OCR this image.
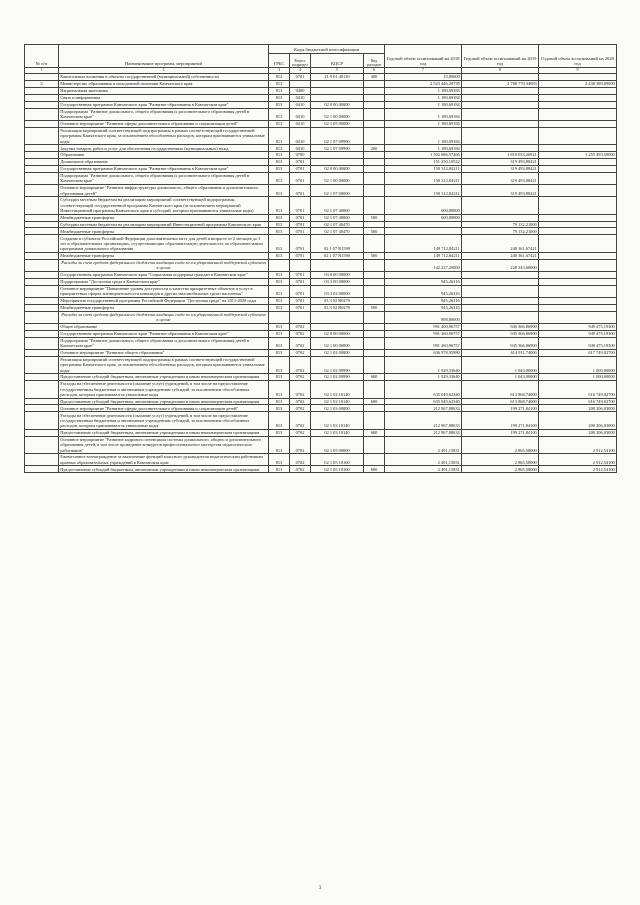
№ п/п	Наименование программ, мероприятий	Коды бюджетной классификации				Годовой объем ассигнований на 2018 год	Годовой объем ассигнований на 2019 год	Годовой объем ассигнований на 2020 год
		ГРБС	Раздел, подраздел	КЦСР	Вид расходов			
1	2	3	4	5	6	7	8	9
	Капитальные вложения в объекты государственной (муниципальной) собственности	812	0701	21 9 01 40130	400	15,00000		
3	Министерство образования и молодежной политики Камчатского края	813				2 523 446,20739	2 788 770,34083	2 438 389,09000
	Национальная экономика	813	0400			1 180,69184		
	Связь и информатика	813	0410			1 180,69184		
	Государственная программа Камчатского края "Развитие образования в Камчатском крае"	813	0410	02 0 00 00000		1 180,69184		
	Подпрограмма "Развитие дошкольного, общего образования и дополнительного образования детей в Камчатском крае"	813	0410	02 1 00 00000		1 180,69184		
	Основное мероприятие "Развитие сферы дополнительного образования и социализации детей"	813	0410	02 1 05 00000		1 180,69184		
	Реализация мероприятий соответствующей подпрограммы в рамках соответствующей государственной программы Камчатского края, за исключением обособленных расходов, которым присваиваются уникальные коды	813	0410	02 1 07 09990		1 180,69184		
	Закупка товаров, работ и услуг для обеспечения государственных (муниципальных) нужд	813	0410	02 1 07 09990	200	1 180,69184		
	Образование	813	0700			1 502 686,57266	1 819 033,26921	1 255 493,59000
	Дошкольное образование	813	0701			151 250,10522	319 493,88421	
	Государственная программа Камчатского края "Развитие образования в Камчатском крае"	813	0701	02 0 00 00000		150 312,84211	319 493,88421	
	Подпрограмма "Развитие дошкольного, общего образования и дополнительного образования детей в Камчатском крае"	813	0701	02 1 00 00000		150 312,84211	319 493,88421	
	Основное мероприятие "Развитие инфраструктуры дошкольного, общего образования и дополнительного образования детей"	813	0701	02 1 07 00000		150 312,84211	319 493,88421	
	Субсидии местным бюджетам на реализацию мероприятий соответствующей подпрограммы соответствующей государственной программы Камчатского края (за исключением мероприятий Инвестиционной программы Камчатского края и субсидий, которым присваиваются уникальные коды)	813	0701	02 1 07 40060		600,00000		
	Межбюджетные трансферты	813	0701	02 1 07 40060	500	600,00000		
	Субсидии местным бюджетам на реализацию мероприятий Инвестиционной программы Камчатского края	813	0701	02 1 07 40470			79 132,21000	
	Межбюджетные трансферты	813	0701	02 1 07 40470	500		79 132,21000	
	Создание в субъектах Российской Федерации дополнительных мест для детей в возрасте от 2 месяцев до 3 лет в образовательных организациях, осуществляющих образовательную деятельность по образовательным программам дошкольного образования	813	0701	02 1 07 R1590		149 712,84211	240 361,67421	
	Межбюджетные трансферты	813	0701	02 1 07 R1590	500	149 712,84211	240 361,67421	
	Расходы за счет средств федерального бюджета входящих сюда за государственной поддержкой субъекта в целом					142 227,20000	228 343,60000	
	Государственная программа Камчатского края "Социальная поддержка граждан в Камчатском крае"	813	0701	03 0 00 00000				
	Подпрограмма "Доступная среда в Камчатском крае"	813	0701	03 3 00 00000		945,26316		
	Основное мероприятие "Повышение уровня доступности и качества приоритетных объектов и услуг в приоритетных сферах жизнедеятельности инвалидов и других маломобильных групп населения"	813	0701	03 3 02 00000		945,26316		
	Мероприятия государственной программы Российской Федерации "Доступная среда" на 2011-2020 годы	813	0701	03 3 02 R0270		945,26316		
	Межбюджетные трансферты	813	0701	03 3 02 R0270	500	945,26316		
	Расходы за счет средств федерального бюджета входящих сюда за государственной поддержкой субъекта в целом					898,00000		
	Общее образование	813	0702			991 400,96757	945 366,86900	949 475,19300
	Государственная программа Камчатского края "Развитие образования в Камчатском крае"	813	0702	02 0 00 00000		991 260,96757	945 366,86900	949 475,19300
	Подпрограмма "Развитие дошкольного, общего образования и дополнительного образования детей в Камчатском крае"	813	0702	02 1 00 00000		991 260,96757	945 366,86900	949 475,19300
	Основное мероприятие "Развитие общего образования"	813	0702	02 1 02 00000		636 978,95980	614 911,74000	617 749,02700
	Реализация мероприятий соответствующей подпрограммы в рамках соответствующей государственной программы Камчатского края, за исключением обособленных расходов, которым присваиваются уникальные коды	813	0702	02 1 02 09990		1 929,33640	1 043,00000	1 000,00000
	Предоставление субсидий бюджетным, автономным учреждениям и иным некоммерческим организациям	813	0702	02 1 02 09990	600	1 929,33640	1 043,00000	1 000,00000
	Расходы на обеспечение деятельности (оказание услуг) учреждений, в том числе на предоставление государственным бюджетным и автономным учреждениям субсидий, за исключением обособленных расходов, которым присваиваются уникальные коды	813	0702	02 1 02 10140		635 049,62340	613 868,74000	616 749,02700
	Предоставление субсидий бюджетным, автономным учреждениям и иным некоммерческим организациям	813	0702	02 1 02 10140	600	635 049,62340	613 868,74000	616 749,02700
	Основное мероприятие "Развитие сферы дополнительного образования и социализации детей"	813	0702	02 1 03 00000		212 967,88633	199 271,84100	200 206,03000
	Расходы на обеспечение деятельности (оказание услуг) учреждений, в том числе на предоставление государственным бюджетным и автономным учреждениям субсидий, за исключением обособленных расходов, которым присваиваются уникальные коды	813	0702	02 1 03 10140		212 967,88633	199 271,84100	200 206,03000
	Предоставление субсидий бюджетным, автономным учреждениям и иным некоммерческим организациям	813	0702	02 1 03 10140	600	212 967,88633	199 271,84100	200 206,03000
	Основное мероприятие "Развитие кадрового потенциала системы дошкольного, общего и дополнительного образования детей, в том числе проведение конкурсов профессионального мастерства педагогических работников"	813	0702	02 1 05 00000		2 491,15831	2 865,58000	2 912,54100
	Ежемесячное вознаграждение за выполнение функций классного руководителя педагогическим работникам краевых образовательных учреждений в Камчатском крае	813	0702	02 1 05 10160		2 491,15831	2 865,58000	2 912,54100
	Предоставление субсидий бюджетным, автономным учреждениям и иным некоммерческим организациям	813	0702	02 1 05 10160	600	2 491,15831	2 865,58000	2 912,54100
3
